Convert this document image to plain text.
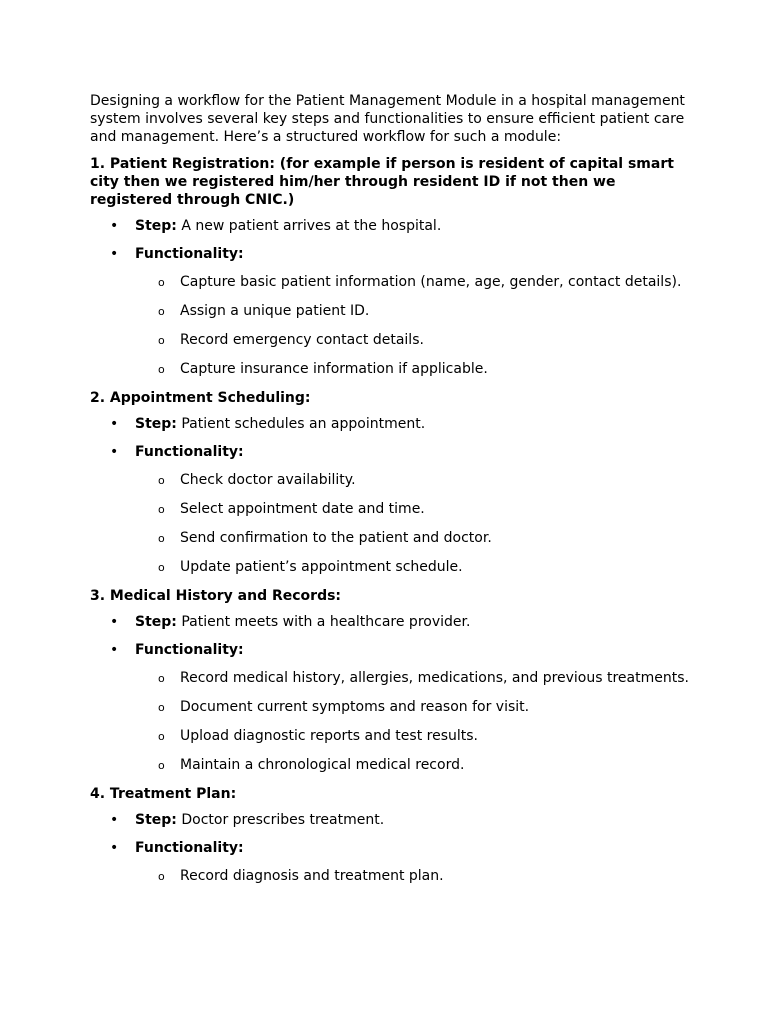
Designing a workflow for the Patient Management Module in a hospital management system involves several key steps and functionalities to ensure efficient patient care and management. Here’s a structured workflow for such a module:

1. Patient Registration: (for example if person is resident of capital smart city then we registered him/her through resident ID if not then we registered through CNIC.)
• Step: A new patient arrives at the hospital.
• Functionality:
o Capture basic patient information (name, age, gender, contact details).
o Assign a unique patient ID.
o Record emergency contact details.
o Capture insurance information if applicable.
2. Appointment Scheduling:
• Step: Patient schedules an appointment.
• Functionality:
o Check doctor availability.
o Select appointment date and time.
o Send confirmation to the patient and doctor.
o Update patient’s appointment schedule.
3. Medical History and Records:
• Step: Patient meets with a healthcare provider.
• Functionality:
o Record medical history, allergies, medications, and previous treatments.
o Document current symptoms and reason for visit.
o Upload diagnostic reports and test results.
o Maintain a chronological medical record.
4. Treatment Plan:
• Step: Doctor prescribes treatment.
• Functionality:
o Record diagnosis and treatment plan.
